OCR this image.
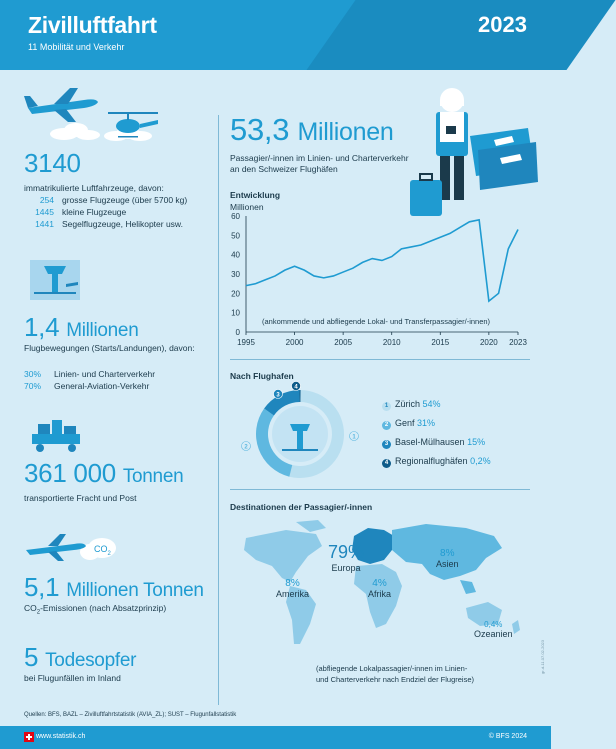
Zivilluftfahrt
11 Mobilität und Verkehr
2023
3140
immatrikulierte Luftfahrzeuge, davon:
254 grosse Flugzeuge (über 5700 kg)
1445 kleine Flugzeuge
1441 Segelflugzeuge, Helikopter usw.
1,4 Millionen
Flugbewegungen (Starts/Landungen), davon:
30% Linien- und Charterverkehr
70% General-Aviation-Verkehr
361 000 Tonnen
transportierte Fracht und Post
$CO_2$
5,1 Millionen Tonnen
$CO_2$-Emissionen (nach Absatzprinzip)
5 Todesopfer
bei Flugunfällen im Inland
53,3 Millionen
Passagier/-innen im Linien- und Charterverkehr
an den Schweizer Flughäfen
Entwicklung
Millionen
0
10
20
30
40
50
60
1995	2000	2005	2010	2015	2020 2023
(ankommende und abfliegende Lokal- und Transferpassagier/-innen)
Nach Flughafen
1
2
3
4
1 Zürich 54%
2 Genf 31%
3 Basel-Mülhausen 15%
4 Regionalflughäfen 0,2%
Destinationen der Passagier/-innen
79%
Europa
8%
Asien
8%
Amerika
4%
Afrika
0,4%
Ozeanien
(abfliegende Lokalpassagier/-innen im Linien-
und Charterverkehr nach Endziel der Flugreise)
gr-d-11.07.02-2023
Quellen: BFS, BAZL – Zivilluftfahrtstatistik (AVIA_ZL); SUST – Flugunfallstatistik
www.statistik.ch	© BFS 2024
